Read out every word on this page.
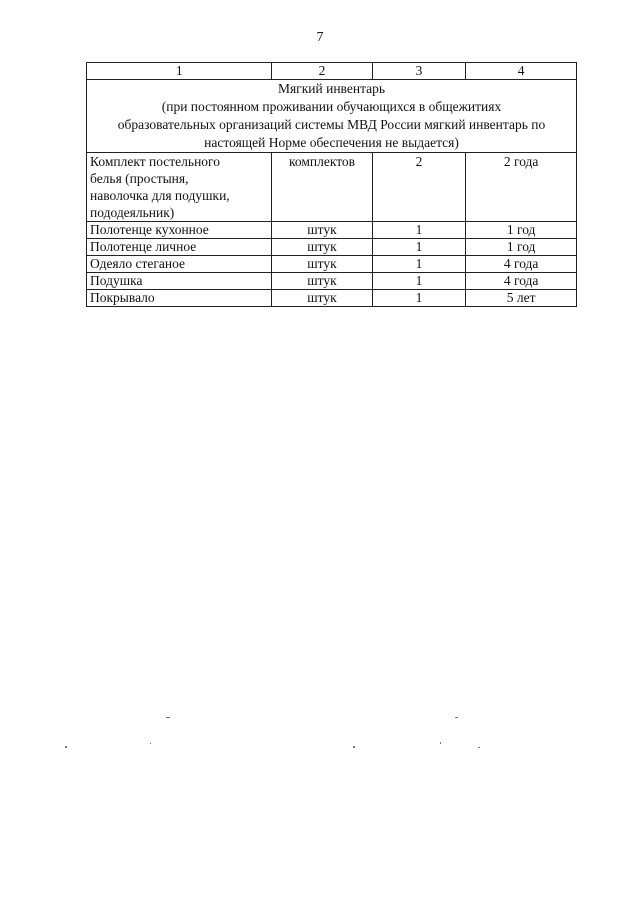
7
1	2	3	4

Мягкий инвентарь
(при постоянном проживании обучающихся в общежитиях
образовательных организаций системы МВД России мягкий инвентарь по
настоящей Норме обеспечения не выдается)			

Комплект постельного
белья (простыня,
наволочка для подушки,
пододеяльник)	комплектов	2	2 года
Полотенце кухонное	штук	1	1 год
Полотенце личное	штук	1	1 год
Одеяло стеганое	штук	1	4 года
Подушка	штук	1	4 года
Покрывало	штук	1	5 лет
